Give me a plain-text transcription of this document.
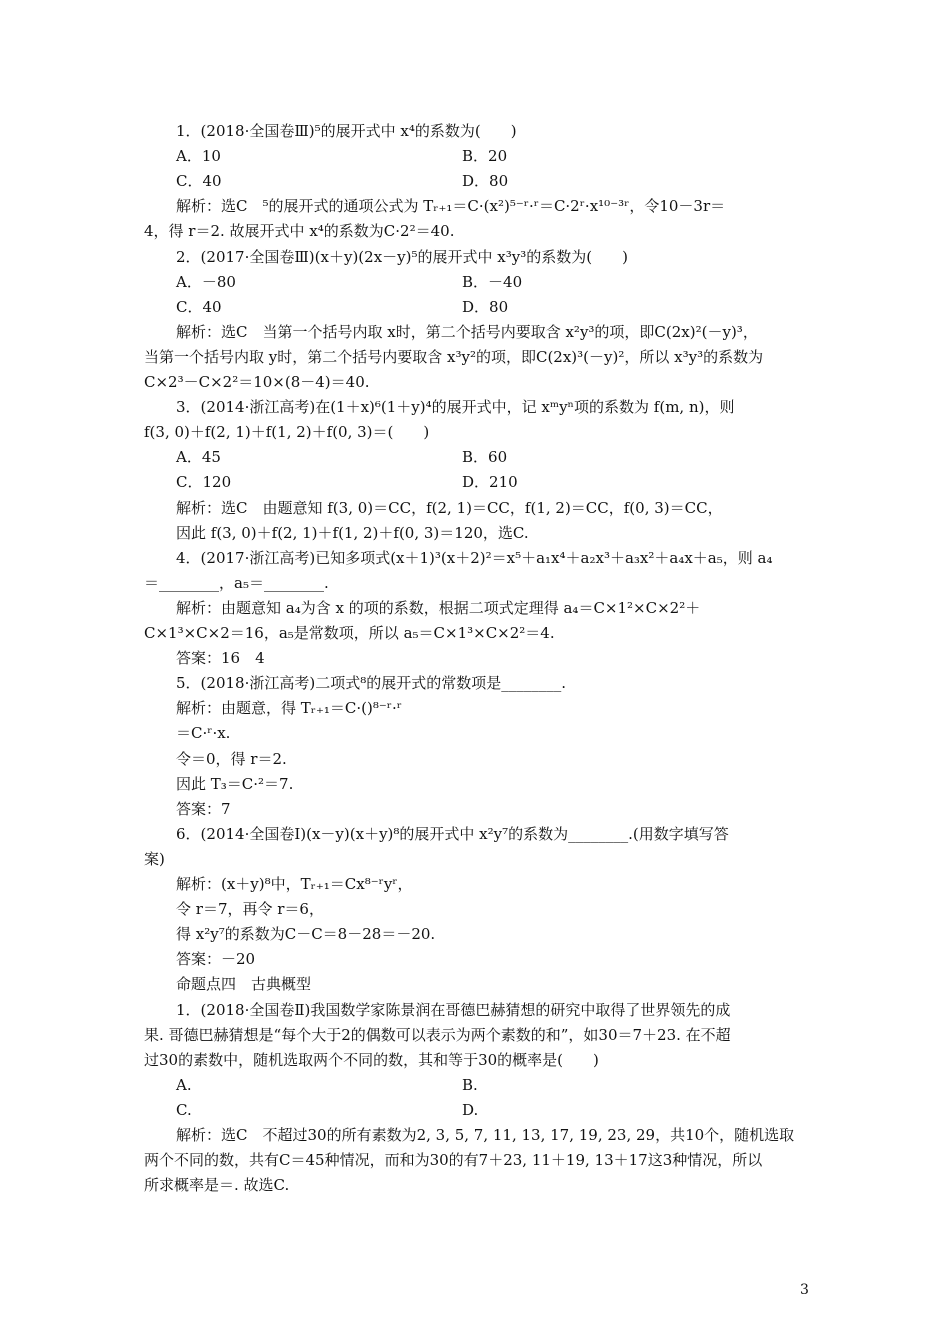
1．(2018·全国卷Ⅲ)⁵的展开式中 x⁴的系数为(　　)
A．10	B．20
C．40	D．80
解析：选C　⁵的展开式的通项公式为 Tᵣ₊₁＝C·(x²)⁵⁻ʳ·ʳ＝C·2ʳ·x¹⁰⁻³ʳ，令10－3r＝
4，得 r＝2. 故展开式中 x⁴的系数为C·2²＝40.
2．(2017·全国卷Ⅲ)(x＋y)(2x－y)⁵的展开式中 x³y³的系数为(　　)
A．－80	B．－40
C．40	D．80
解析：选C　当第一个括号内取 x时，第二个括号内要取含 x²y³的项，即C(2x)²(－y)³，
当第一个括号内取 y时，第二个括号内要取含 x³y²的项，即C(2x)³(－y)²，所以 x³y³的系数为
C×2³－C×2²＝10×(8－4)＝40.
3．(2014·浙江高考)在(1＋x)⁶(1＋y)⁴的展开式中，记 xᵐyⁿ项的系数为 f(m, n)，则
f(3, 0)＋f(2, 1)＋f(1, 2)＋f(0, 3)＝(　　)
A．45	B．60
C．120	D．210
解析：选C　由题意知 f(3, 0)＝CC，f(2, 1)＝CC，f(1, 2)＝CC，f(0, 3)＝CC，
因此 f(3, 0)＋f(2, 1)＋f(1, 2)＋f(0, 3)＝120，选C.
4．(2017·浙江高考)已知多项式(x＋1)³(x＋2)²＝x⁵＋a₁x⁴＋a₂x³＋a₃x²＋a₄x＋a₅，则 a₄
＝________，a₅＝________.
解析：由题意知 a₄为含 x 的项的系数，根据二项式定理得 a₄＝C×1²×C×2²＋
C×1³×C×2＝16，a₅是常数项，所以 a₅＝C×1³×C×2²＝4.
答案：16　4
5．(2018·浙江高考)二项式⁸的展开式的常数项是________.
解析：由题意，得 Tᵣ₊₁＝C·()⁸⁻ʳ·ʳ
＝C·ʳ·x.
令＝0，得 r＝2.
因此 T₃＝C·²＝7.
答案：7
6．(2014·全国卷Ⅰ)(x－y)(x＋y)⁸的展开式中 x²y⁷的系数为________.(用数字填写答
案)
解析：(x＋y)⁸中，Tᵣ₊₁＝Cx⁸⁻ʳyʳ，
令 r＝7，再令 r＝6，
得 x²y⁷的系数为C－C＝8－28＝－20.
答案：－20
命题点四　古典概型
1．(2018·全国卷Ⅱ)我国数学家陈景润在哥德巴赫猜想的研究中取得了世界领先的成
果. 哥德巴赫猜想是“每个大于2的偶数可以表示为两个素数的和”，如30＝7＋23. 在不超
过30的素数中，随机选取两个不同的数，其和等于30的概率是(　　)
A.	B.
C.	D.
解析：选C　不超过30的所有素数为2, 3, 5, 7, 11, 13, 17, 19, 23, 29，共10个，随机选取
两个不同的数，共有C＝45种情况，而和为30的有7＋23, 11＋19, 13＋17这3种情况，所以
所求概率是＝. 故选C.
3
